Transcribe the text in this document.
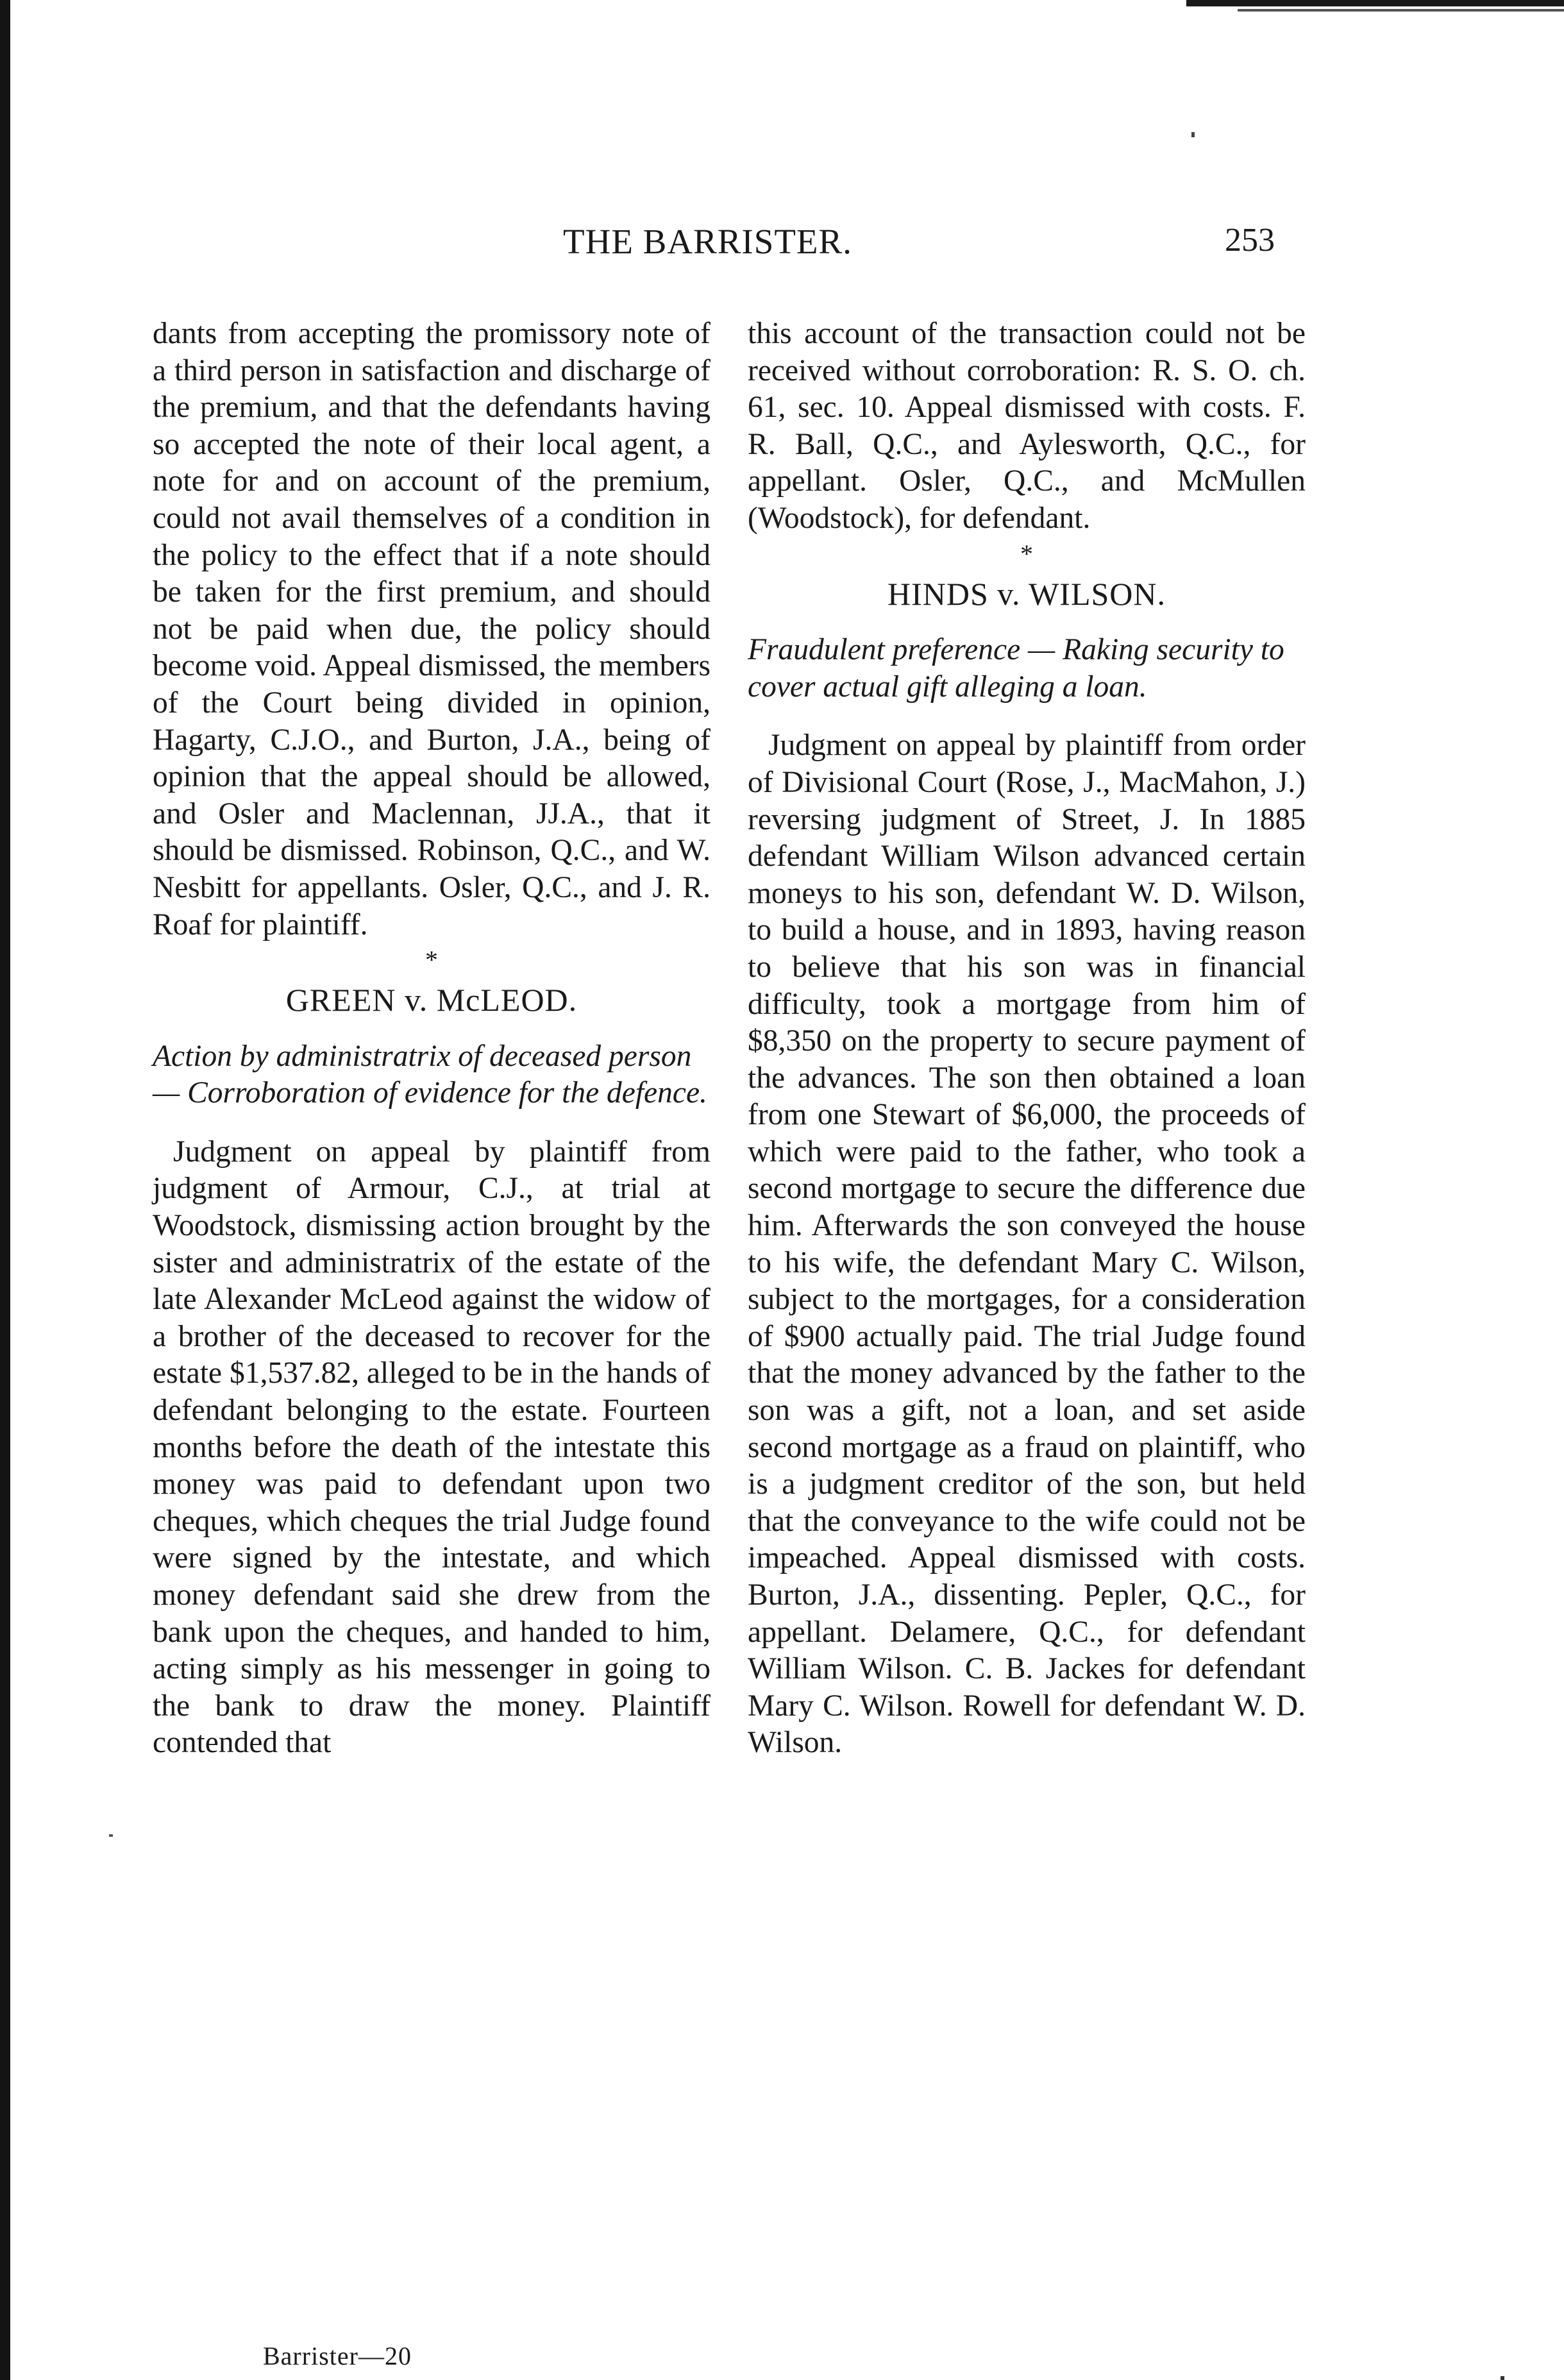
THE BARRISTER.	253

dants from accepting the promissory note of a third person in satisfaction and discharge of the premium, and that the defendants having so accepted the note of their local agent, a note for and on account of the premium, could not avail themselves of a condition in the policy to the effect that if a note should be taken for the first premium, and should not be paid when due, the policy should become void. Appeal dismissed, the members of the Court being divided in opinion, Hagarty, C.J.O., and Burton, J.A., being of opinion that the appeal should be allowed, and Osler and Maclennan, JJ.A., that it should be dismissed. Robinson, Q.C., and W. Nesbitt for appellants. Osler, Q.C., and J. R. Roaf for plaintiff.

*
GREEN v. McLEOD.

Action by administratrix of deceased person — Corroboration of evidence for the defence.

Judgment on appeal by plaintiff from judgment of Armour, C.J., at trial at Woodstock, dismissing action brought by the sister and administratrix of the estate of the late Alexander McLeod against the widow of a brother of the deceased to recover for the estate $1,537.82, alleged to be in the hands of defendant belonging to the estate. Fourteen months before the death of the intestate this money was paid to defendant upon two cheques, which cheques the trial Judge found were signed by the intestate, and which money defendant said she drew from the bank upon the cheques, and handed to him, acting simply as his messenger in going to the bank to draw the money. Plaintiff contended that

this account of the transaction could not be received without corroboration: R. S. O. ch. 61, sec. 10. Appeal dismissed with costs. F. R. Ball, Q.C., and Aylesworth, Q.C., for appellant. Osler, Q.C., and McMullen (Woodstock), for defendant.

*
HINDS v. WILSON.

Fraudulent preference — Raking security to cover actual gift alleging a loan.

Judgment on appeal by plaintiff from order of Divisional Court (Rose, J., MacMahon, J.) reversing judgment of Street, J. In 1885 defendant William Wilson advanced certain moneys to his son, defendant W. D. Wilson, to build a house, and in 1893, having reason to believe that his son was in financial difficulty, took a mortgage from him of $8,350 on the property to secure payment of the advances. The son then obtained a loan from one Stewart of $6,000, the proceeds of which were paid to the father, who took a second mortgage to secure the difference due him. Afterwards the son conveyed the house to his wife, the defendant Mary C. Wilson, subject to the mortgages, for a consideration of $900 actually paid. The trial Judge found that the money advanced by the father to the son was a gift, not a loan, and set aside second mortgage as a fraud on plaintiff, who is a judgment creditor of the son, but held that the conveyance to the wife could not be impeached. Appeal dismissed with costs. Burton, J.A., dissenting. Pepler, Q.C., for appellant. Delamere, Q.C., for defendant William Wilson. C. B. Jackes for defendant Mary C. Wilson. Rowell for defendant W. D. Wilson.

Barrister—20
